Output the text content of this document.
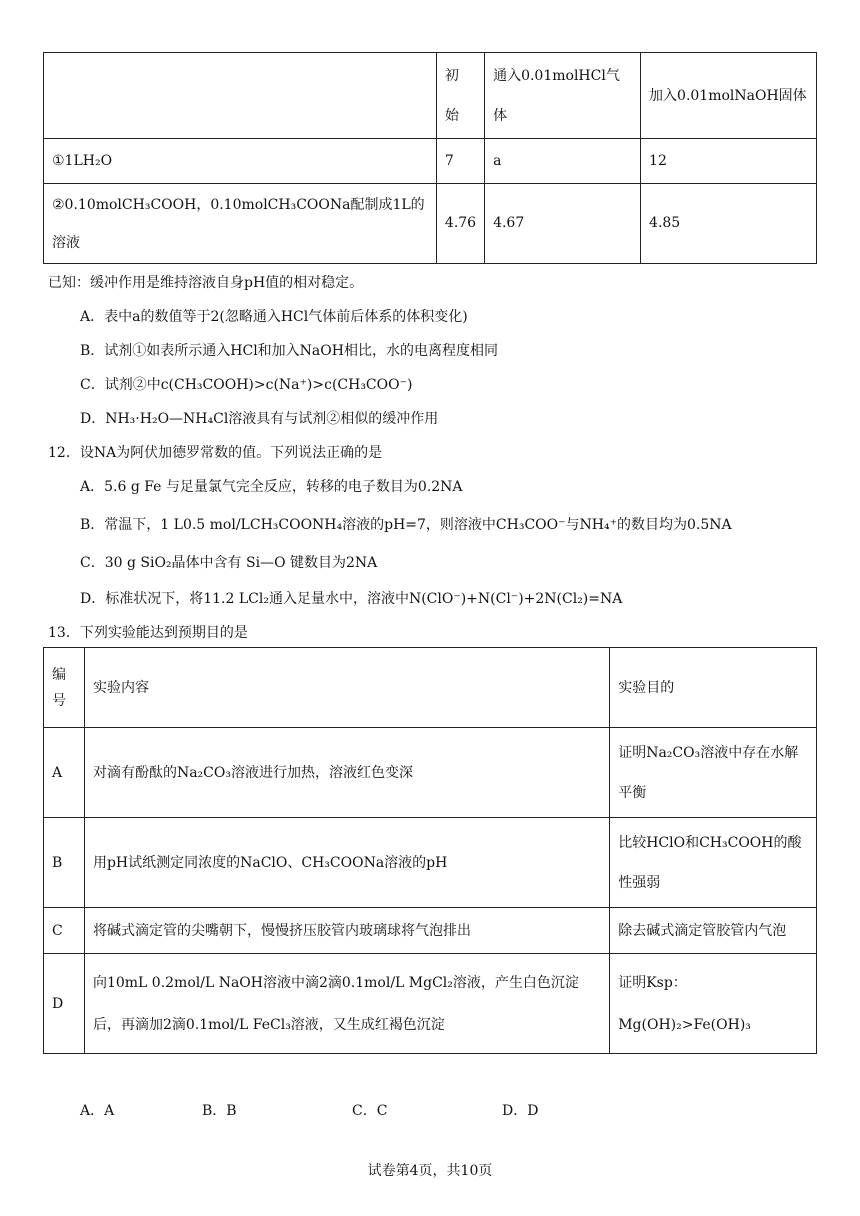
	初始	通入0.01molHCl气体	加入0.01molNaOH固体

①1LH₂O	7	a	12

②0.10molCH₃COOH，0.10molCH₃COONa配制成1L的溶液	4.76	4.67	4.85
已知：缓冲作用是维持溶液自身pH值的相对稳定。
A．表中a的数值等于2(忽略通入HCl气体前后体系的体积变化)
B．试剂①如表所示通入HCl和加入NaOH相比，水的电离程度相同
C．试剂②中c(CH₃COOH)>c(Na⁺)>c(CH₃COO⁻)
D．NH₃·H₂O—NH₄Cl溶液具有与试剂②相似的缓冲作用
12．设NA为阿伏加德罗常数的值。下列说法正确的是
A．5.6 g Fe 与足量氯气完全反应，转移的电子数目为0.2NA
B．常温下，1 L0.5 mol/LCH₃COONH₄溶液的pH=7，则溶液中CH₃COO⁻与NH₄⁺的数目均为0.5NA
C．30 g SiO₂晶体中含有 Si—O 键数目为2NA
D．标准状况下，将11.2 LCl₂通入足量水中，溶液中N(ClO⁻)+N(Cl⁻)+2N(Cl₂)=NA
13．下列实验能达到预期目的是
编号	实验内容	实验目的
A	对滴有酚酞的Na₂CO₃溶液进行加热，溶液红色变深	证明Na₂CO₃溶液中存在水解平衡

B	用pH试纸测定同浓度的NaClO、CH₃COONa溶液的pH	比较HClO和CH₃COOH的酸性强弱

C	将碱式滴定管的尖嘴朝下，慢慢挤压胶管内玻璃球将气泡排出	除去碱式滴定管胶管内气泡
D	向10mL 0.2mol/L NaOH溶液中滴2滴0.1mol/L MgCl₂溶液，产生白色沉淀后，再滴加2滴0.1mol/L FeCl₃溶液，又生成红褐色沉淀	证明Ksp：Mg(OH)₂>Fe(OH)₃
A．A	B．B	C．C	D．D
试卷第4页，共10页
